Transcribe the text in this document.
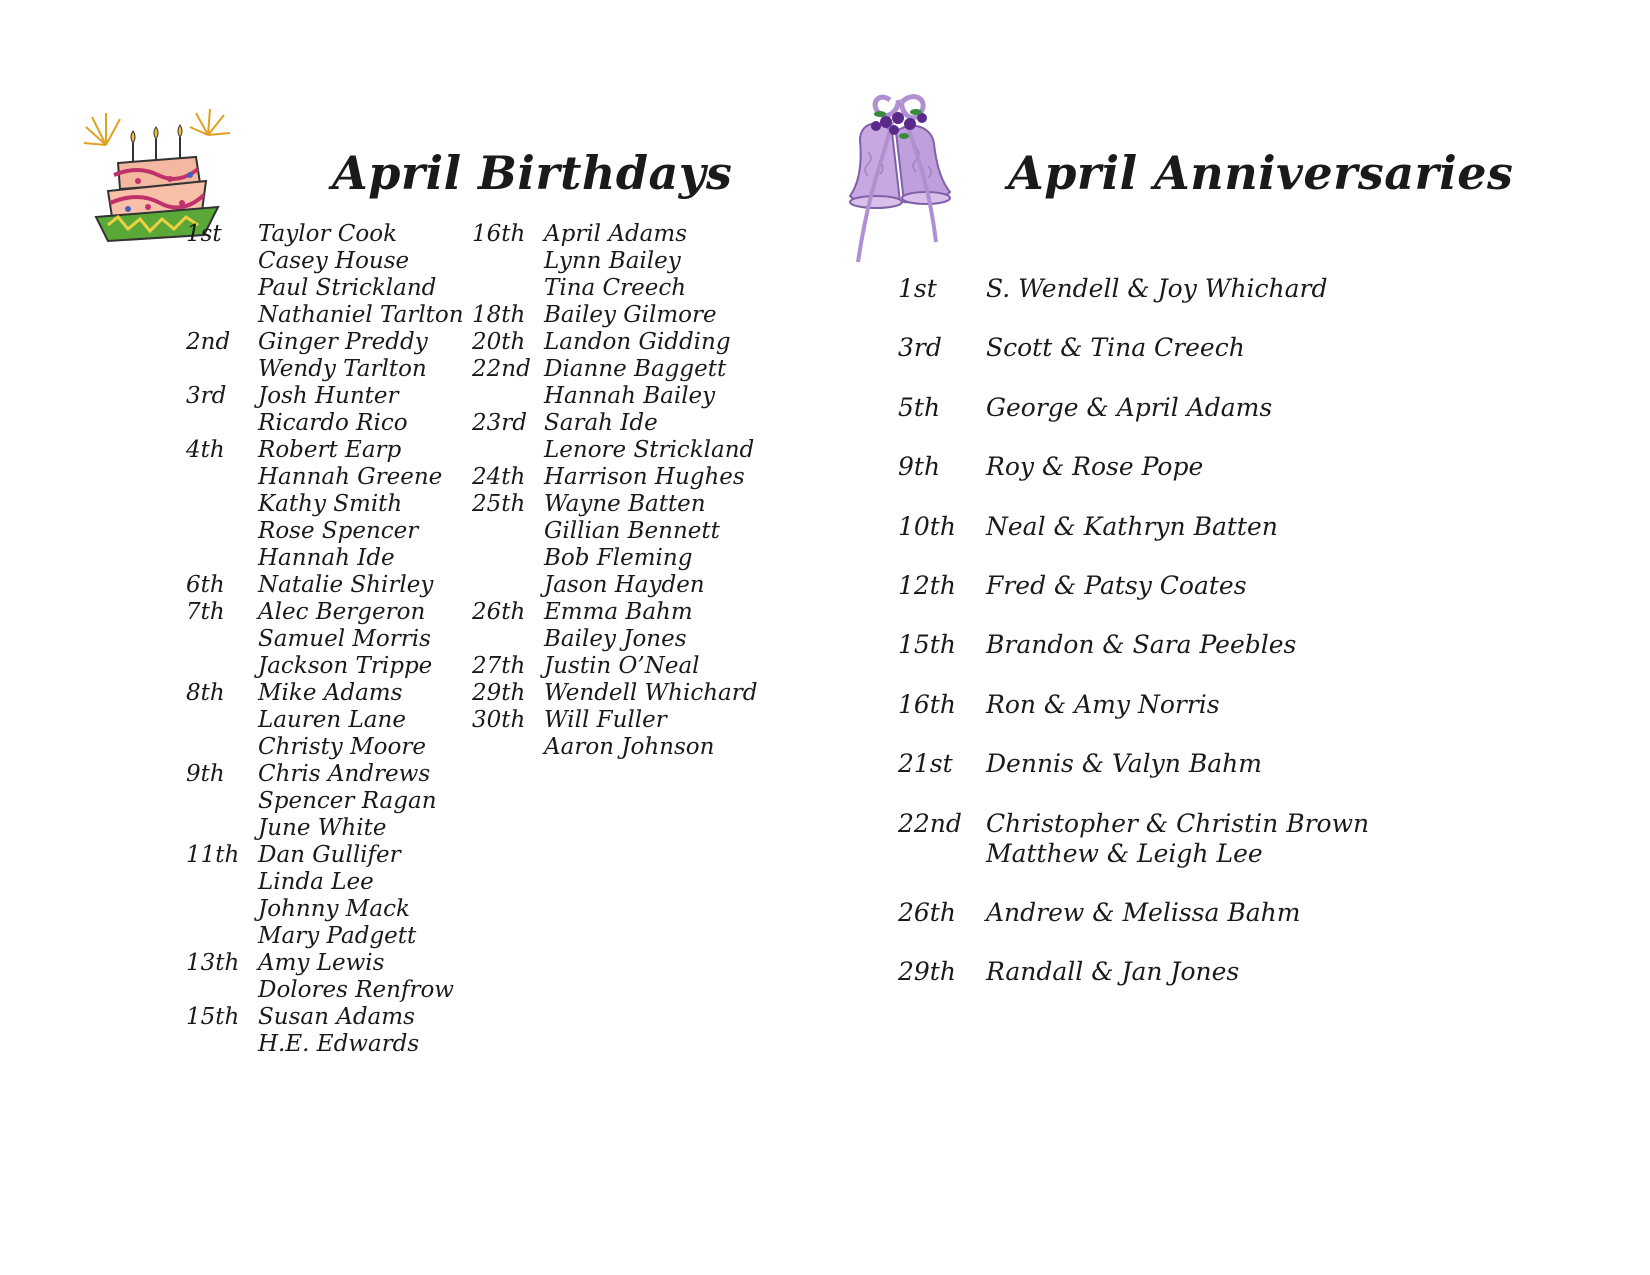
April Birthdays	April Anniversaries
1st Taylor Cook
Casey House
Paul Strickland
Nathaniel Tarlton
2nd Ginger Preddy
Wendy Tarlton
3rd Josh Hunter
Ricardo Rico
4th Robert Earp
Hannah Greene
Kathy Smith
Rose Spencer
Hannah Ide
6th Natalie Shirley
7th Alec Bergeron
Samuel Morris
Jackson Trippe
8th Mike Adams
Lauren Lane
Christy Moore
9th Chris Andrews
Spencer Ragan
June White
11th Dan Gullifer
Linda Lee
Johnny Mack
Mary Padgett
13th Amy Lewis
Dolores Renfrow
15th Susan Adams
H.E. Edwards
16th April Adams
Lynn Bailey
Tina Creech
18th Bailey Gilmore
20th Landon Gidding
22nd Dianne Baggett
Hannah Bailey
23rd Sarah Ide
Lenore Strickland
24th Harrison Hughes
25th Wayne Batten
Gillian Bennett
Bob Fleming
Jason Hayden
26th Emma Bahm
Bailey Jones
27th Justin O’Neal
29th Wendell Whichard
30th Will Fuller
Aaron Johnson
1st S. Wendell & Joy Whichard
3rd Scott & Tina Creech
5th George & April Adams
9th Roy & Rose Pope
10th Neal & Kathryn Batten
12th Fred & Patsy Coates
15th Brandon & Sara Peebles
16th Ron & Amy Norris
21st Dennis & Valyn Bahm
22nd Christopher & Christin Brown
Matthew & Leigh Lee
26th Andrew & Melissa Bahm
29th Randall & Jan Jones
